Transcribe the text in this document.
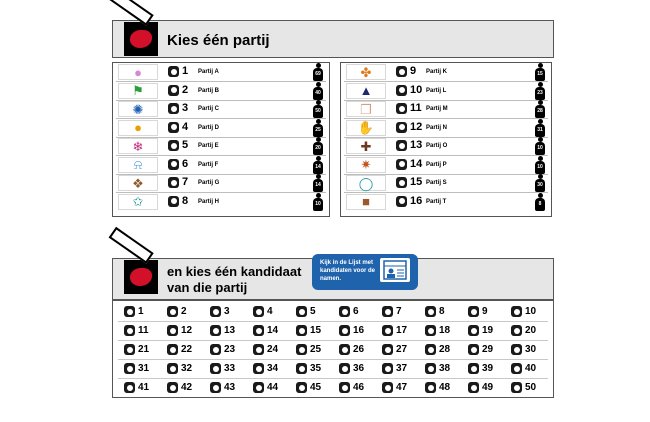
Kies één partij
●	1 Partij A	69
⚑	2 Partij B	40
✺	3 Partij C	50
●	4 Partij D	25
❄	5 Partij E	20
⍾	6 Partij F	14
❖	7 Partij G	14
✩	8 Partij H	10
✤	9 Partij K	15
▲	10 Partij L	23
❒	11 Partij M	28
✋	12 Partij N	31
✚	13 Partij O	10
✷	14 Partij P	10
◯	15 Partij S	30
■	16 Partij T	8
en kies één kandidaat
van die partij
Kijk in de Lijst met kandidaten voor de namen.
1	2	3	4	5	6	7	8	9	10
11	12	13	14	15	16	17	18	19	20
21	22	23	24	25	26	27	28	29	30
31	32	33	34	35	36	37	38	39	40
41	42	43	44	45	46	47	48	49	50
